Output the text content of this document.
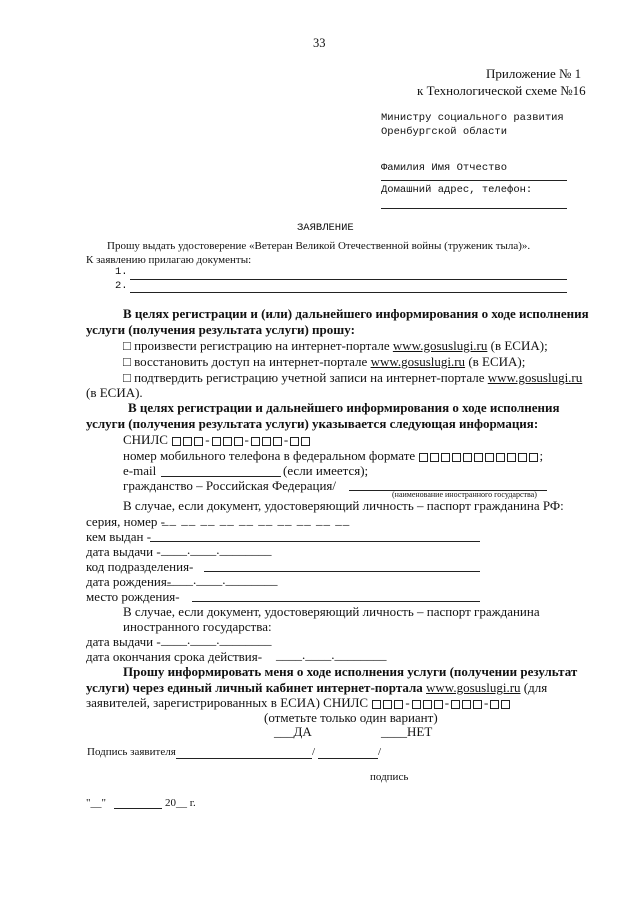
33
Приложение № 1
к Технологической схеме №16
Министру социального развития
Оренбургской области
Фамилия Имя Отчество
Домашний адрес, телефон:
ЗАЯВЛЕНИЕ
Прошу выдать удостоверение «Ветеран Великой Отечественной войны (труженик тыла)».
К заявлению прилагаю документы:
1.
2.
В целях регистрации и (или) дальнейшего информирования о ходе исполнения
услуги (получения результата услуги) прошу:
□ произвести регистрацию на интернет-портале www.gosuslugi.ru (в ЕСИА);
□ восстановить доступ на интернет-портале www.gosuslugi.ru (в ЕСИА);
□ подтвердить регистрацию учетной записи на интернет-портале www.gosuslugi.ru
(в ЕСИА).
В целях регистрации и дальнейшего информирования о ходе исполнения
услуги (получения результата услуги) указывается следующая информация:
СНИЛС	-	-	-
номер мобильного телефона в федеральном формате	;
e-mail	(если имеется);
гражданство – Российская Федерация/
(наименование иностранного государства)
В случае, если документ, удостоверяющий личность – паспорт гражданина РФ:
серия, номер -
__ __ __ __ __ __ __ __ __ __
кем выдан -
дата выдачи - ____.____.________
код подразделения-
дата рождения-
____.____.________
место рождения-
В случае, если документ, удостоверяющий личность – паспорт гражданина
иностранного государства:
дата выдачи - ____.____.________
дата окончания срока действия- ____.____.________
Прошу информировать меня о ходе исполнения услуги (получении результат
услуги) через единый личный кабинет интернет-портала www.gosuslugi.ru (для
заявителей, зарегистрированных в ЕСИА) СНИЛС	-	-	-
(отметьте только один вариант)
___ДА	____НЕТ
Подпись заявителя	/	/
подпись
"__"	20__ г.
